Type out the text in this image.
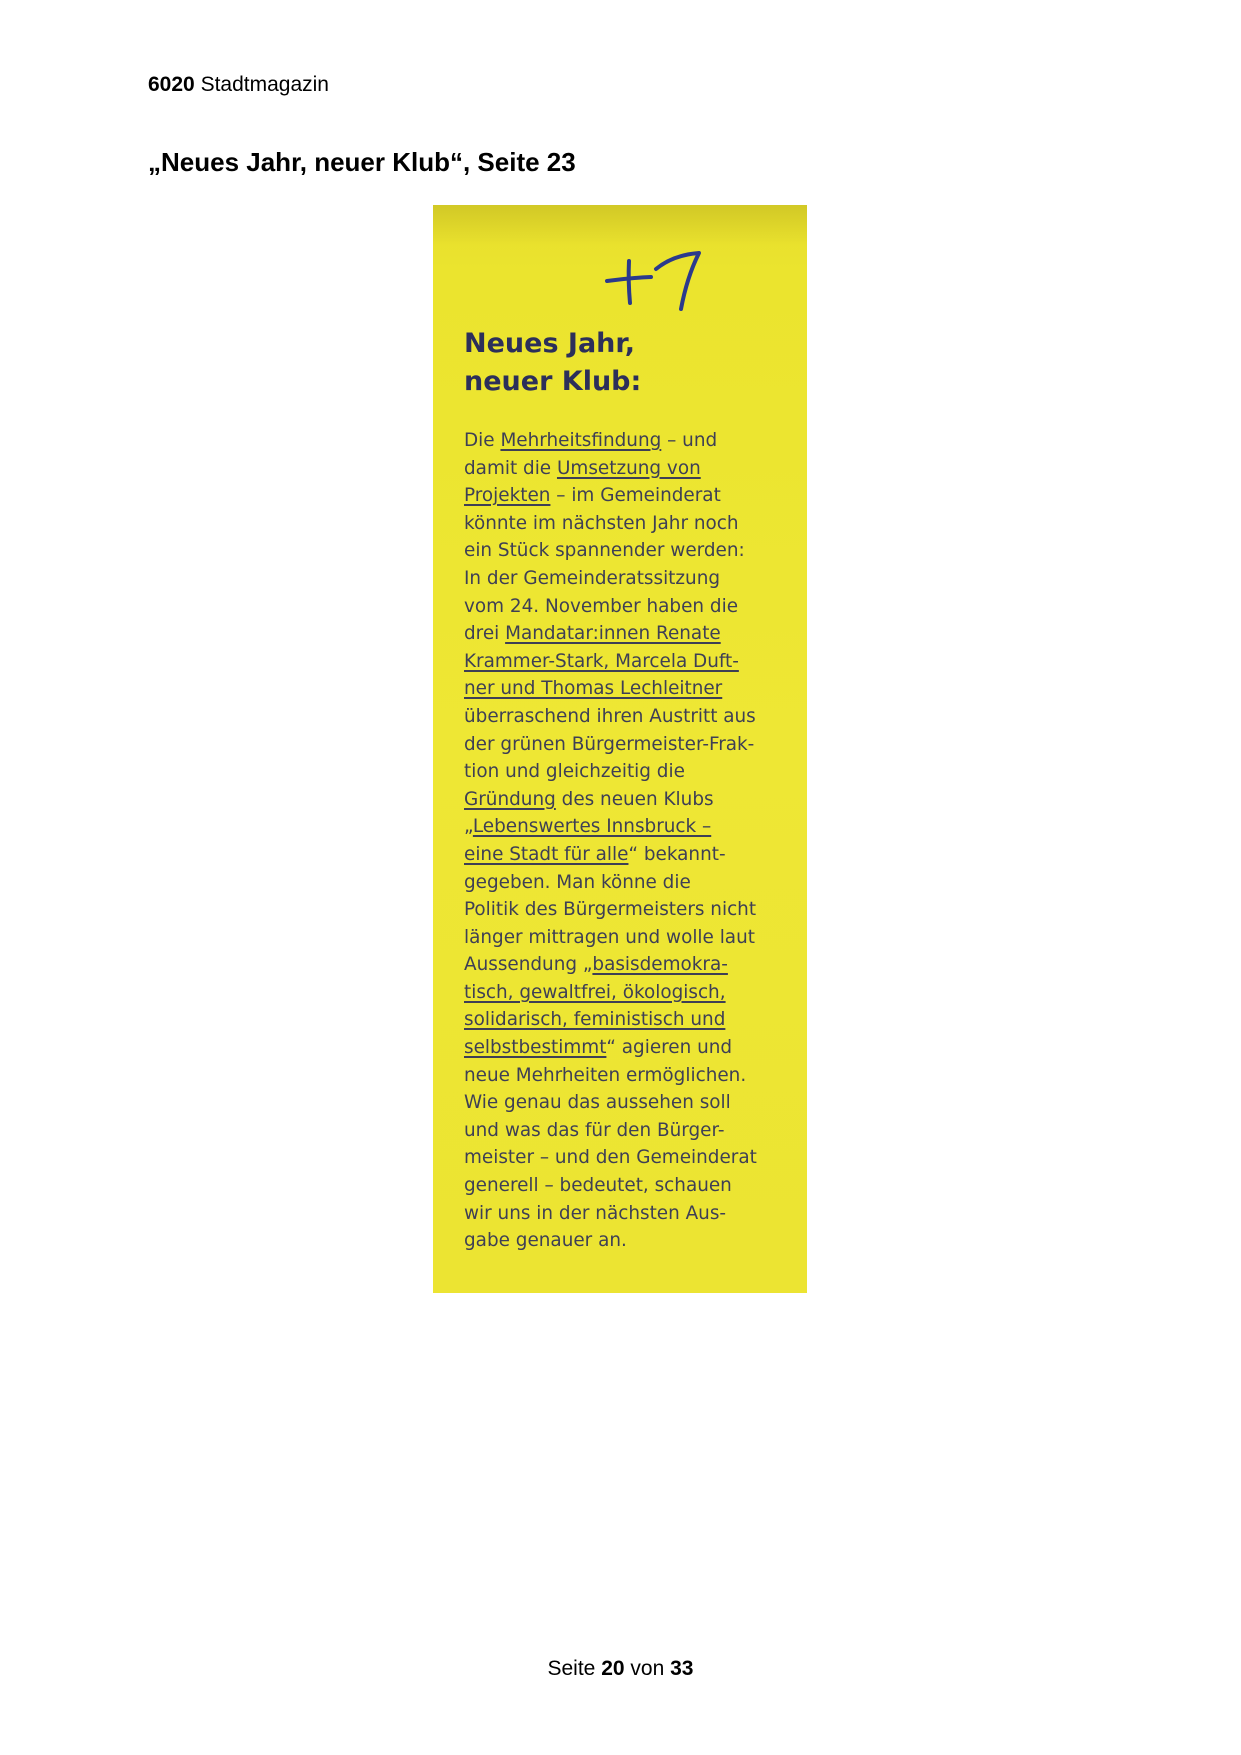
6020 Stadtmagazin
„Neues Jahr, neuer Klub“, Seite 23
Neues Jahr,
neuer Klub:
Die Mehrheitsfindung – und
damit die Umsetzung von
Projekten – im Gemeinderat
könnte im nächsten Jahr noch
ein Stück spannender werden:
In der Gemeinderatssitzung
vom 24. November haben die
drei Mandatar:innen Renate
Krammer-Stark, Marcela Duft-
ner und Thomas Lechleitner
überraschend ihren Austritt aus
der grünen Bürgermeister-Frak-
tion und gleichzeitig die
Gründung des neuen Klubs
„Lebenswertes Innsbruck –
eine Stadt für alle“ bekannt-
gegeben. Man könne die
Politik des Bürgermeisters nicht
länger mittragen und wolle laut
Aussendung „basisdemokra-
tisch, gewaltfrei, ökologisch,
solidarisch, feministisch und
selbstbestimmt“ agieren und
neue Mehrheiten ermöglichen.
Wie genau das aussehen soll
und was das für den Bürger-
meister – und den Gemeinderat
generell – bedeutet, schauen
wir uns in der nächsten Aus-
gabe genauer an.
Seite 20 von 33
